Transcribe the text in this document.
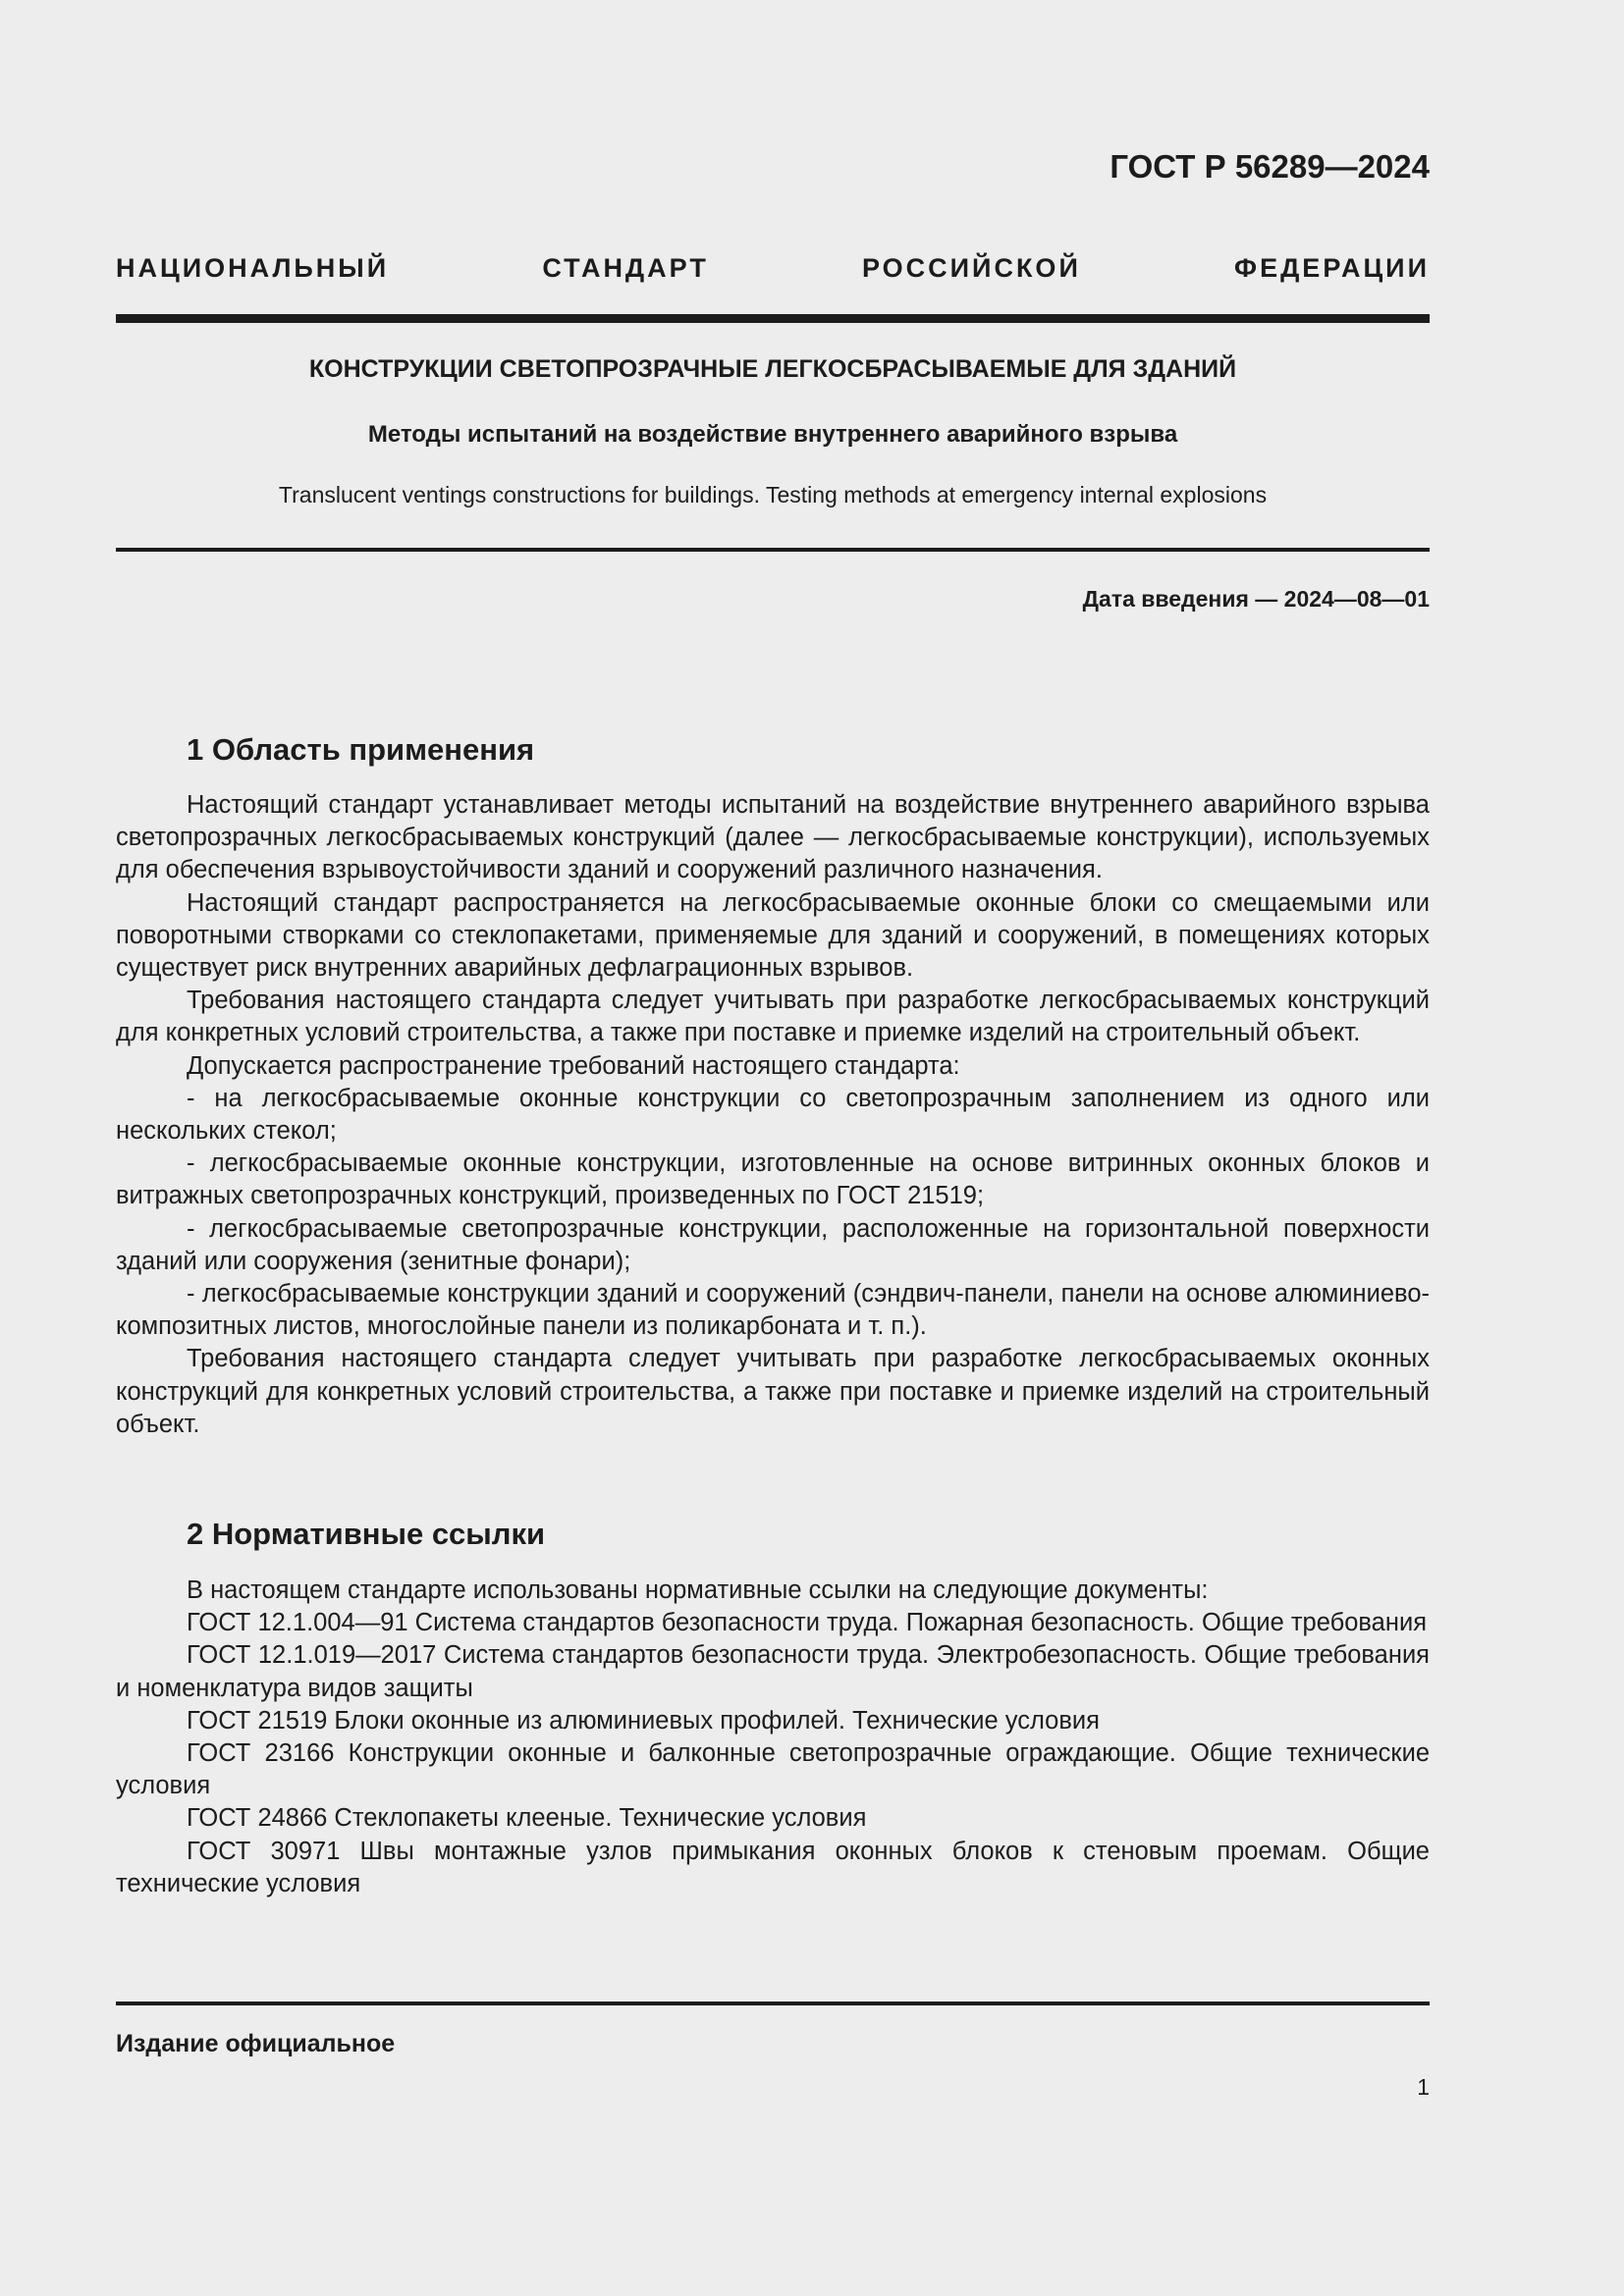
ГОСТ Р 56289—2024
НАЦИОНАЛЬНЫЙ СТАНДАРТ РОССИЙСКОЙ ФЕДЕРАЦИИ
КОНСТРУКЦИИ СВЕТОПРОЗРАЧНЫЕ ЛЕГКОСБРАСЫВАЕМЫЕ ДЛЯ ЗДАНИЙ
Методы испытаний на воздействие внутреннего аварийного взрыва
Translucent ventings constructions for buildings. Testing methods at emergency internal explosions
Дата введения — 2024—08—01
1 Область применения

Настоящий стандарт устанавливает методы испытаний на воздействие внутреннего аварийного взрыва светопрозрачных легкосбрасываемых конструкций (далее — легкосбрасываемые конструкции), используемых для обеспечения взрывоустойчивости зданий и сооружений различного назначения.

Настоящий стандарт распространяется на легкосбрасываемые оконные блоки со смещаемыми или поворотными створками со стеклопакетами, применяемые для зданий и сооружений, в помещениях которых существует риск внутренних аварийных дефлаграционных взрывов.

Требования настоящего стандарта следует учитывать при разработке легкосбрасываемых конструкций для конкретных условий строительства, а также при поставке и приемке изделий на строительный объект.

Допускается распространение требований настоящего стандарта:

- на легкосбрасываемые оконные конструкции со светопрозрачным заполнением из одного или нескольких стекол;

- легкосбрасываемые оконные конструкции, изготовленные на основе витринных оконных блоков и витражных светопрозрачных конструкций, произведенных по ГОСТ 21519;

- легкосбрасываемые светопрозрачные конструкции, расположенные на горизонтальной поверхности зданий или сооружения (зенитные фонари);

- легкосбрасываемые конструкции зданий и сооружений (сэндвич-панели, панели на основе алюминиево-композитных листов, многослойные панели из поликарбоната и т. п.).

Требования настоящего стандарта следует учитывать при разработке легкосбрасываемых оконных конструкций для конкретных условий строительства, а также при поставке и приемке изделий на строительный объект.

2 Нормативные ссылки

В настоящем стандарте использованы нормативные ссылки на следующие документы:

ГОСТ 12.1.004—91 Система стандартов безопасности труда. Пожарная безопасность. Общие требования

ГОСТ 12.1.019—2017 Система стандартов безопасности труда. Электробезопасность. Общие требования и номенклатура видов защиты

ГОСТ 21519 Блоки оконные из алюминиевых профилей. Технические условия

ГОСТ 23166 Конструкции оконные и балконные светопрозрачные ограждающие. Общие технические условия

ГОСТ 24866 Стеклопакеты клееные. Технические условия

ГОСТ 30971 Швы монтажные узлов примыкания оконных блоков к стеновым проемам. Общие технические условия

Издание официальное
1
